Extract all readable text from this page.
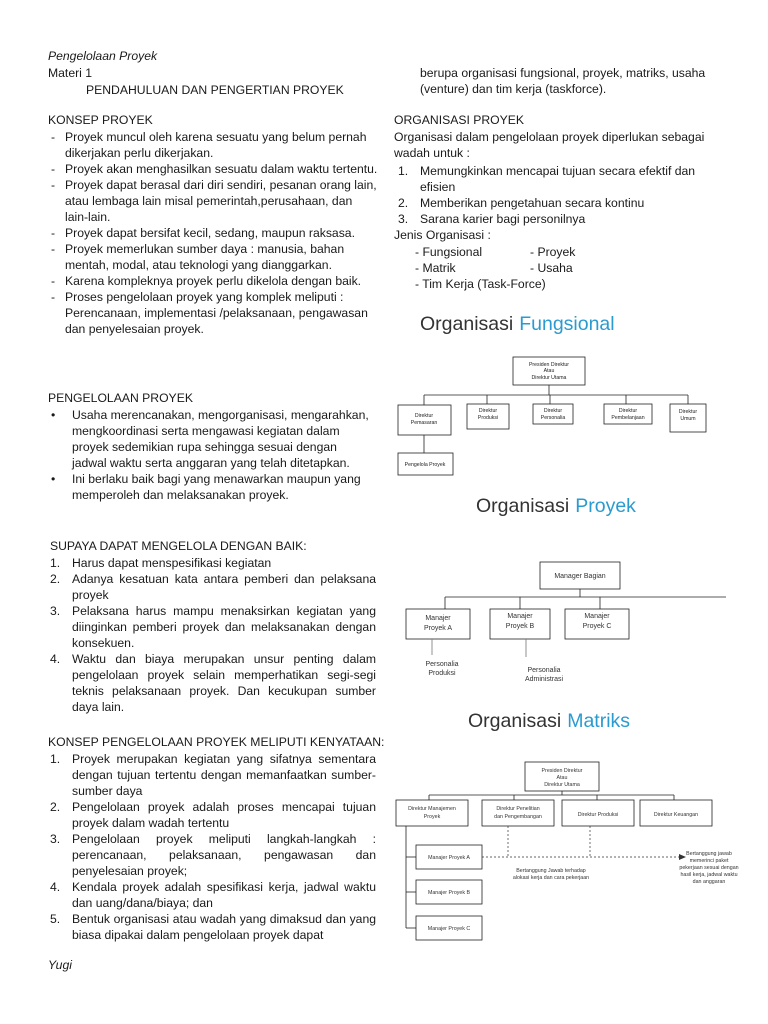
Pengelolaan Proyek
Materi 1
PENDAHULUAN DAN PENGERTIAN PROYEK
KONSEP PROYEK
- Proyek muncul oleh karena sesuatu yang belum pernah dikerjakan perlu dikerjakan.
- Proyek akan menghasilkan sesuatu dalam waktu tertentu.
- Proyek dapat berasal dari diri sendiri, pesanan orang lain, atau lembaga lain misal pemerintah,perusahaan, dan lain-lain.
- Proyek dapat bersifat kecil, sedang, maupun raksasa.
- Proyek memerlukan sumber daya : manusia, bahan mentah, modal, atau teknologi yang dianggarkan.
- Karena kompleknya proyek perlu dikelola dengan baik.
- Proses pengelolaan proyek yang komplek meliputi : Perencanaan, implementasi /pelaksanaan, pengawasan dan penyelesaian proyek.
PENGELOLAAN PROYEK
• Usaha merencanakan, mengorganisasi, mengarahkan, mengkoordinasi serta mengawasi kegiatan dalam proyek sedemikian rupa sehingga sesuai dengan jadwal waktu serta anggaran yang telah ditetapkan.
• Ini berlaku baik bagi yang menawarkan maupun yang memperoleh dan melaksanakan proyek.
SUPAYA DAPAT MENGELOLA DENGAN BAIK:
1. Harus dapat menspesifikasi kegiatan
2. Adanya kesatuan kata antara pemberi dan pelaksana proyek
3. Pelaksana harus mampu menaksirkan kegiatan yang diinginkan pemberi proyek dan melaksanakan dengan konsekuen.
4. Waktu dan biaya merupakan unsur penting dalam pengelolaan proyek selain memperhatikan segi-segi teknis pelaksanaan proyek. Dan kecukupan sumber daya lain.
KONSEP PENGELOLAAN PROYEK MELIPUTI KENYATAAN:
1. Proyek merupakan kegiatan yang sifatnya sementara dengan tujuan tertentu dengan memanfaatkan sumber-sumber daya
2. Pengelolaan proyek adalah proses mencapai tujuan proyek dalam wadah tertentu
3. Pengelolaan proyek meliputi langkah-langkah : perencanaan, pelaksanaan, pengawasan dan penyelesaian proyek;
4. Kendala proyek adalah spesifikasi kerja, jadwal waktu dan uang/dana/biaya; dan
5. Bentuk organisasi atau wadah yang dimaksud dan yang biasa dipakai dalam pengelolaan proyek dapat
Yugi
berupa organisasi fungsional, proyek, matriks, usaha (venture) dan tim kerja (taskforce).
ORGANISASI PROYEK
Organisasi dalam pengelolaan proyek diperlukan sebagai wadah untuk :
1. Memungkinkan mencapai tujuan secara efektif dan efisien
2. Memberikan pengetahuan secara kontinu
3. Sarana karier bagi personilnya
Jenis Organisasi :
- Fungsional	- Proyek
- Matrik	- Usaha
- Tim Kerja (Task-Force)
Organisasi Fungsional
Presiden Direktur
Atau
Direktur Utama
Direktur
Pemasaran
Direktur
Produksi
Direktur
Personalia
Direktur
Pembelanjaan
Direktur
Umum
Pengelola Proyek
Organisasi Proyek
Manager Bagian
Manajer
Proyek A
Manajer
Proyek B
Manajer
Proyek C
Personalia
Produksi	Personalia
Administrasi
Organisasi Matriks
Presiden Direktur
Atau
Direktur Utama
Direktur Manajemen
Proyek
Direktur Penelitian
dan Pengembangan	Direktur Produksi	Direktur Keuangan
Manajer Proyek A
Manajer Proyek B
Manajer Proyek C
Bertanggung Jawab terhadap
alokasi kerja dan cara pekerjaan
Bertanggung jawab
memerinci paket
pekerjaan sesuai dengan
hasil kerja, jadwal waktu
dan anggaran
